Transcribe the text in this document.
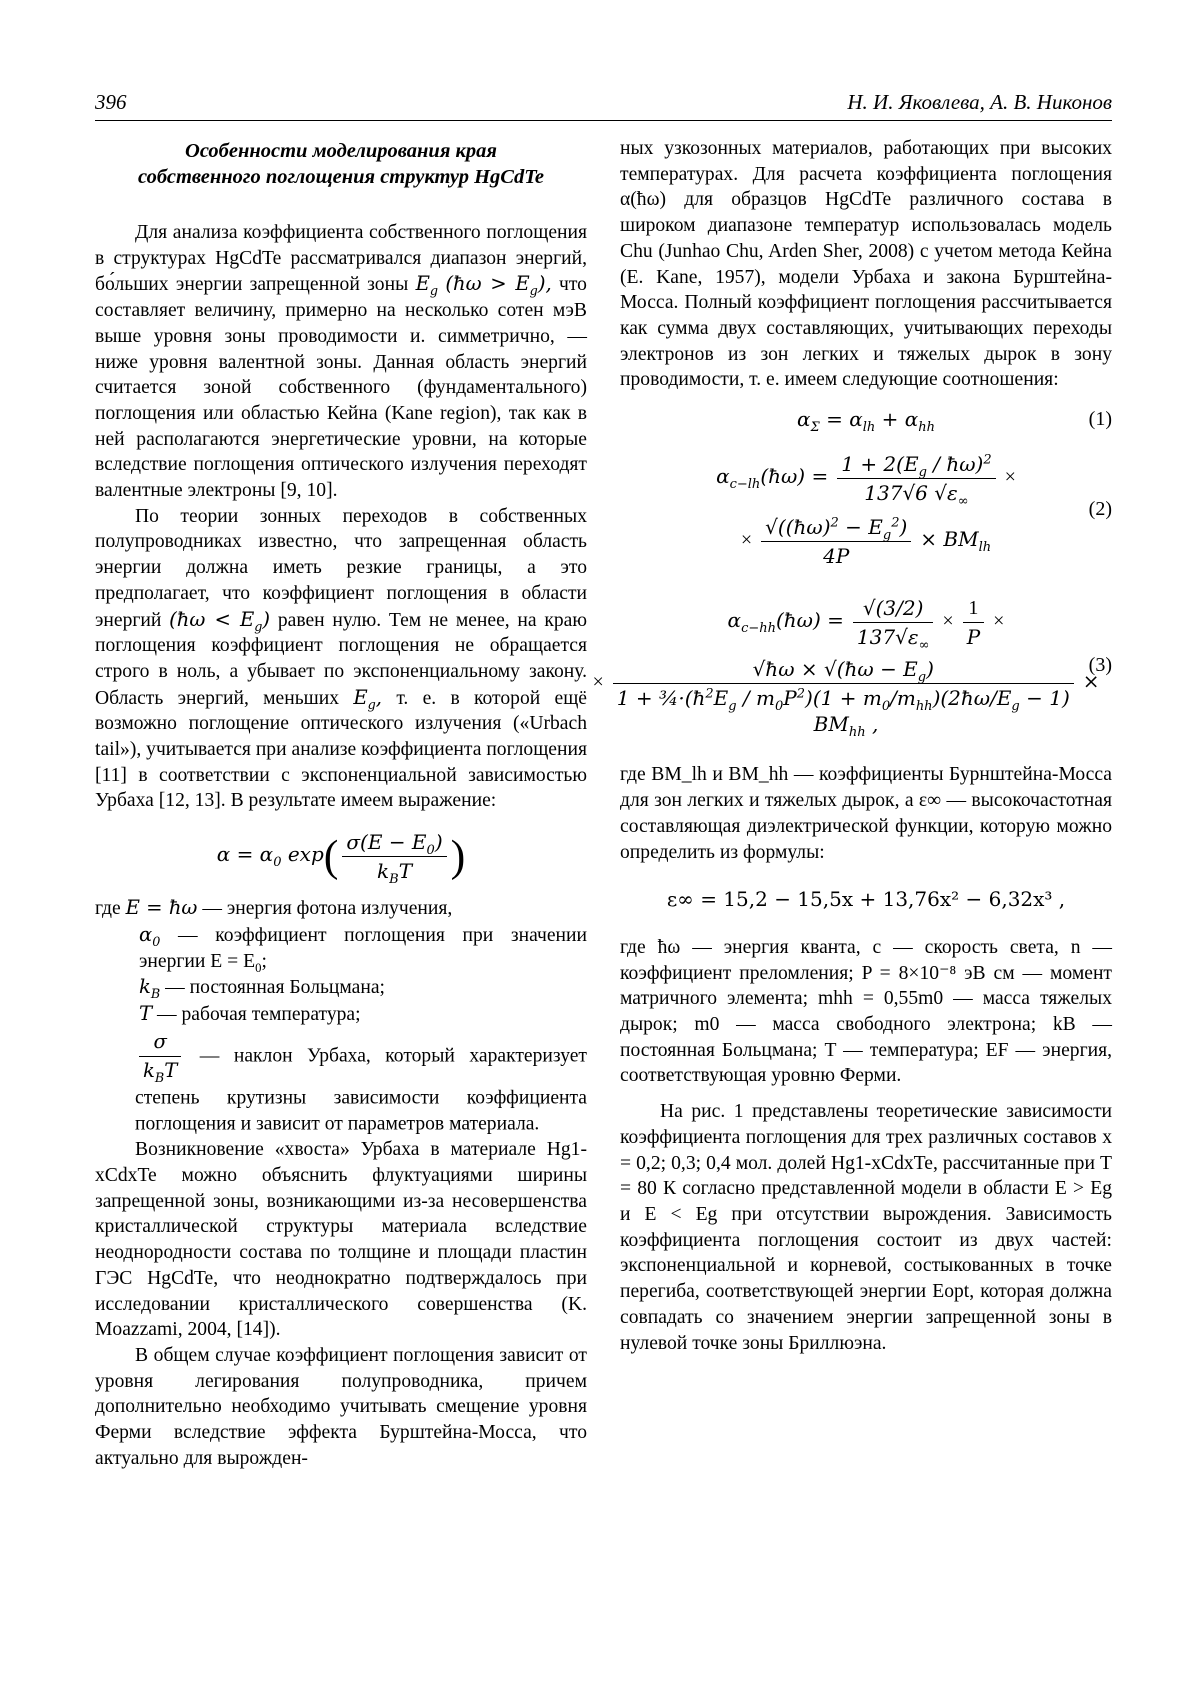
396	Н. И. Яковлева, А. В. Никонов
Особенности моделирования края
собственного поглощения структур HgCdTe

Для анализа коэффициента собственного поглощения в структурах HgCdTe рассматривался диапазон энергий, бо́льших энергии запрещенной зоны $E_g$ (ħω > $E_g$), что составляет величину, примерно на несколько сотен мэВ выше уровня зоны проводимости и. симметрично, — ниже уровня валентной зоны. Данная область энергий считается зоной собственного (фундаментального) поглощения или областью Кейна (Kane region), так как в ней располагаются энергетические уровни, на которые вследствие поглощения оптического излучения переходят валентные электроны [9, 10].

По теории зонных переходов в собственных полупроводниках известно, что запрещенная область энергии должна иметь резкие границы, а это предполагает, что коэффициент поглощения в области энергий (ħω < $E_g$) равен нулю. Тем не менее, на краю поглощения коэффициент поглощения не обращается строго в ноль, а убывает по экспоненциальному закону. Область энергий, меньших $E_g$, т. е. в которой ещё возможно поглощение оптического излучения («Urbach tail»), учитывается при анализе коэффициента поглощения [11] в соответствии с экспоненциальной зависимостью Урбаха [12, 13]. В результате имеем выражение:

$\alpha = \alpha_0$ $\exp( \frac{\sigma(E - E_0)}{k_BT}$ )

где E = ħω — энергия фотона излучения,

$\alpha_0$ — коэффициент поглощения при значении энергии $E = E_0$;

$k_B$ — постоянная Больцмана;

T — рабочая температура;

$\frac{\sigma}{k_BT}$ — наклон Урбаха, который характеризует степень крутизны зависимости коэффициента поглощения и зависит от параметров материала.

Возникновение «хвоста» Урбаха в материале Hg1-xCdxTe можно объяснить флуктуациями ширины запрещенной зоны, возникающими из-за несовершенства кристаллической структуры материала вследствие неоднородности состава по толщине и площади пластин ГЭС HgCdTe, что неоднократно подтверждалось при исследовании кристаллического совершенства (K. Moazzami, 2004, [14]).

В общем случае коэффициент поглощения зависит от уровня легирования полупроводника, причем дополнительно необходимо учитывать смещение уровня Ферми вследствие эффекта Бурштейна-Мосса, что актуально для вырожден-

ных узкозонных материалов, работающих при высоких температурах. Для расчета коэффициента поглощения α(ħω) для образцов HgCdTe различного состава в широком диапазоне температур использовалась модель Chu (Junhao Chu, Arden Sher, 2008) с учетом метода Кейна (E. Kane, 1957), модели Урбаха и закона Бурштейна-Мосса. Полный коэффициент поглощения рассчитывается как сумма двух составляющих, учитывающих переходы электронов из зон легких и тяжелых дырок в зону проводимости, т. е. имеем следующие соотношения:

$\alpha_\Sigma = \alpha_{lh} + \alpha_{hh}$	(1)
$\alpha_{c-lh}(ħ\omega) = \frac{1 + 2(E_g / ħ\omega)^2}{137√6 √\varepsilon_\infty}$ ×
× $\frac{√((ħ\omega)^2 - E_g^2)}{4P} \times BM_{lh}$
(2)
$\alpha_{c-hh}(ħ\omega) = \frac{√(3/2)}{137√\varepsilon_\infty} \times \frac{1}{P}$ ×
× $\frac{√ħ\omega \times √(ħ\omega - E_g)}{1 + \frac{3}{4}\cdot(ħ^2E_g / m_0P^2)(1 + m_0/m_{hh})(2ħ\omega/E_g - 1)} \times BM_{hh}$ ,
(3)

где BM_lh и BM_hh — коэффициенты Бурнштейна-Мосса для зон легких и тяжелых дырок, а ε∞ — высокочастотная составляющая диэлектрической функции, которую можно определить из формулы:

ε∞ = 15,2 − 15,5x + 13,76x² − 6,32x³ ,

где ħω — энергия кванта, c — скорость света, n — коэффициент преломления; P = 8×10⁻⁸ эВ см — момент матричного элемента; mhh = 0,55m0 — масса тяжелых дырок; m0 — масса свободного электрона; kB — постоянная Больцмана; T — температура; EF — энергия, соответствующая уровню Ферми.

На рис. 1 представлены теоретические зависимости коэффициента поглощения для трех различных составов x = 0,2; 0,3; 0,4 мол. долей Hg1-xCdxTe, рассчитанные при T = 80 К согласно представленной модели в области E > Eg и E < Eg при отсутствии вырождения. Зависимость коэффициента поглощения состоит из двух частей: экспоненциальной и корневой, состыкованных в точке перегиба, соответствующей энергии Eopt, которая должна совпадать со значением энергии запрещенной зоны в нулевой точке зоны Бриллюэна.
